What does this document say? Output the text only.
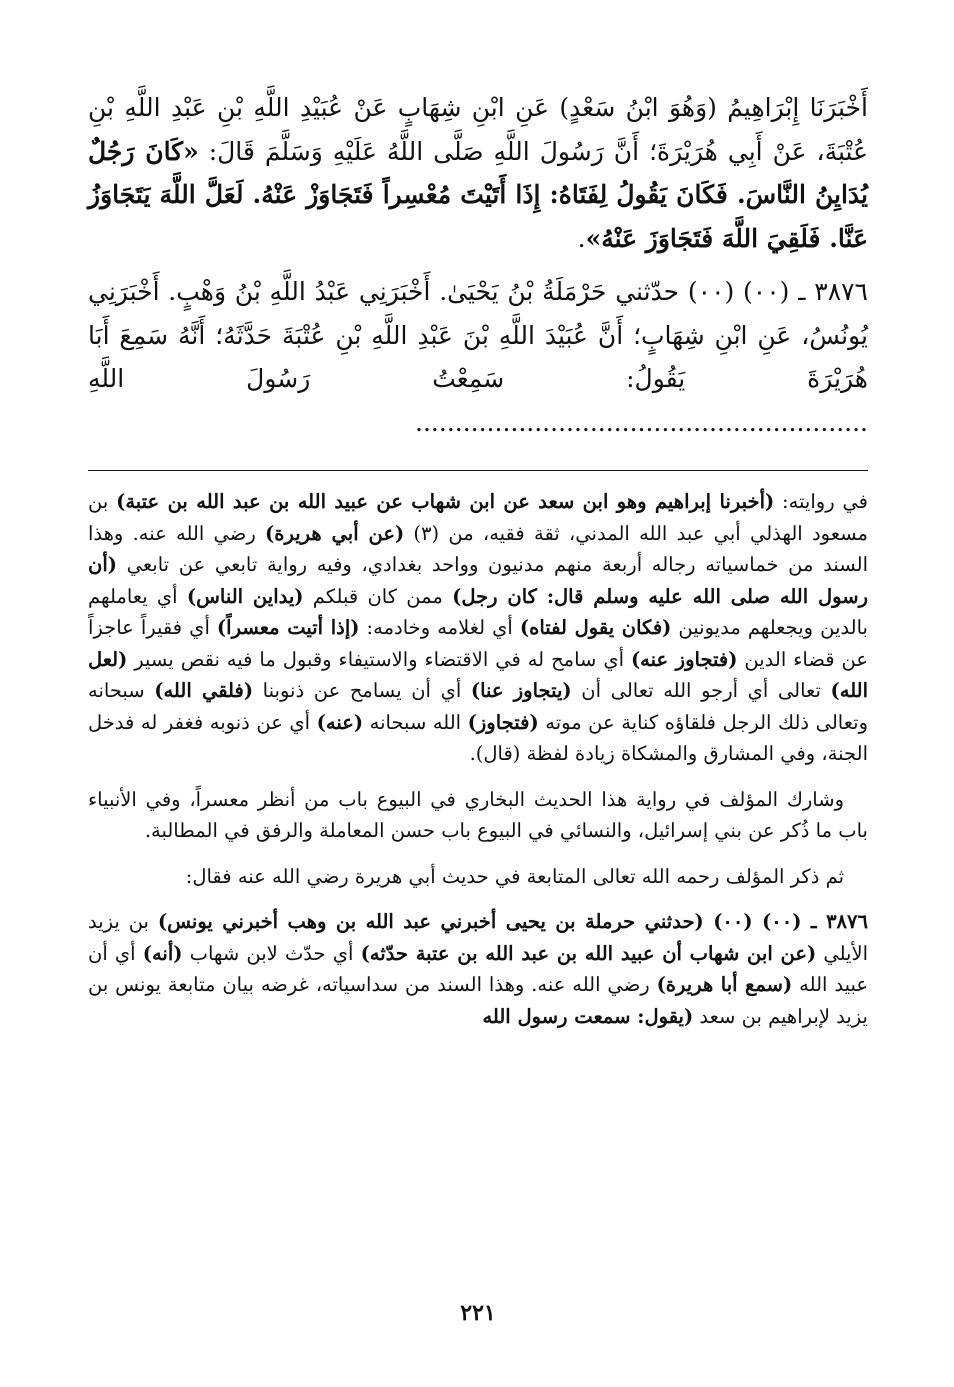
أَخْبَرَنَا إِبْرَاهِيمُ (وَهُوَ ابْنُ سَعْدٍ) عَنِ ابْنِ شِهَابٍ عَنْ عُبَيْدِ اللَّهِ بْنِ عَبْدِ اللَّهِ بْنِ عُتْبَةَ، عَنْ أَبِي هُرَيْرَةَ؛ أَنَّ رَسُولَ اللَّهِ صَلَّى اللَّهُ عَلَيْهِ وَسَلَّمَ قَالَ: «كَانَ رَجُلٌ يُدَايِنُ النَّاسَ. فَكَانَ يَقُولُ لِفَتَاهُ: إِذَا أَتَيْتَ مُعْسِراً فَتَجَاوَزْ عَنْهُ. لَعَلَّ اللَّهَ يَتَجَاوَزُ عَنَّا. فَلَقِيَ اللَّهَ فَتَجَاوَزَ عَنْهُ».

٣٨٧٦ ـ (٠٠) (٠٠) حدّثني حَرْمَلَةُ بْنُ يَحْيَىٰ. أَخْبَرَنِي عَبْدُ اللَّهِ بْنُ وَهْبٍ. أَخْبَرَنِي يُونُسُ، عَنِ ابْنِ شِهَابٍ؛ أَنَّ عُبَيْدَ اللَّهِ بْنَ عَبْدِ اللَّهِ بْنِ عُتْبَةَ حَدَّثَهُ؛ أَنَّهُ سَمِعَ أَبَا هُرَيْرَةَ يَقُولُ: سَمِعْتُ رَسُولَ اللَّهِ .........................................................

في روايته: (أخبرنا إبراهيم وهو ابن سعد عن ابن شهاب عن عبيد الله بن عبد الله بن عتبة) بن مسعود الهذلي أبي عبد الله المدني، ثقة فقيه، من (٣) (عن أبي هريرة) رضي الله عنه. وهذا السند من خماسياته رجاله أربعة منهم مدنيون وواحد بغدادي، وفيه رواية تابعي عن تابعي (أن رسول الله صلى الله عليه وسلم قال: كان رجل) ممن كان قبلكم (يداين الناس) أي يعاملهم بالدين ويجعلهم مديونين (فكان يقول لفتاه) أي لغلامه وخادمه: (إذا أتيت معسراً) أي فقيراً عاجزاً عن قضاء الدين (فتجاوز عنه) أي سامح له في الاقتضاء والاستيفاء وقبول ما فيه نقص يسير (لعل الله) تعالى أي أرجو الله تعالى أن (يتجاوز عنا) أي أن يسامح عن ذنوبنا (فلقي الله) سبحانه وتعالى ذلك الرجل فلقاؤه كناية عن موته (فتجاوز) الله سبحانه (عنه) أي عن ذنوبه فغفر له فدخل الجنة، وفي المشارق والمشكاة زيادة لفظة (قال).

وشارك المؤلف في رواية هذا الحديث البخاري في البيوع باب من أنظر معسراً، وفي الأنبياء باب ما ذُكر عن بني إسرائيل، والنسائي في البيوع باب حسن المعاملة والرفق في المطالبة.

ثم ذكر المؤلف رحمه الله تعالى المتابعة في حديث أبي هريرة رضي الله عنه فقال:

٣٨٧٦ ـ (٠٠) (٠٠) (حدثني حرملة بن يحيى أخبرني عبد الله بن وهب أخبرني يونس) بن يزيد الأيلي (عن ابن شهاب أن عبيد الله بن عبد الله بن عتبة حدّثه) أي حدّث لابن شهاب (أنه) أي أن عبيد الله (سمع أبا هريرة) رضي الله عنه. وهذا السند من سداسياته، غرضه بيان متابعة يونس بن يزيد لإبراهيم بن سعد (يقول: سمعت رسول الله

٢٢١
